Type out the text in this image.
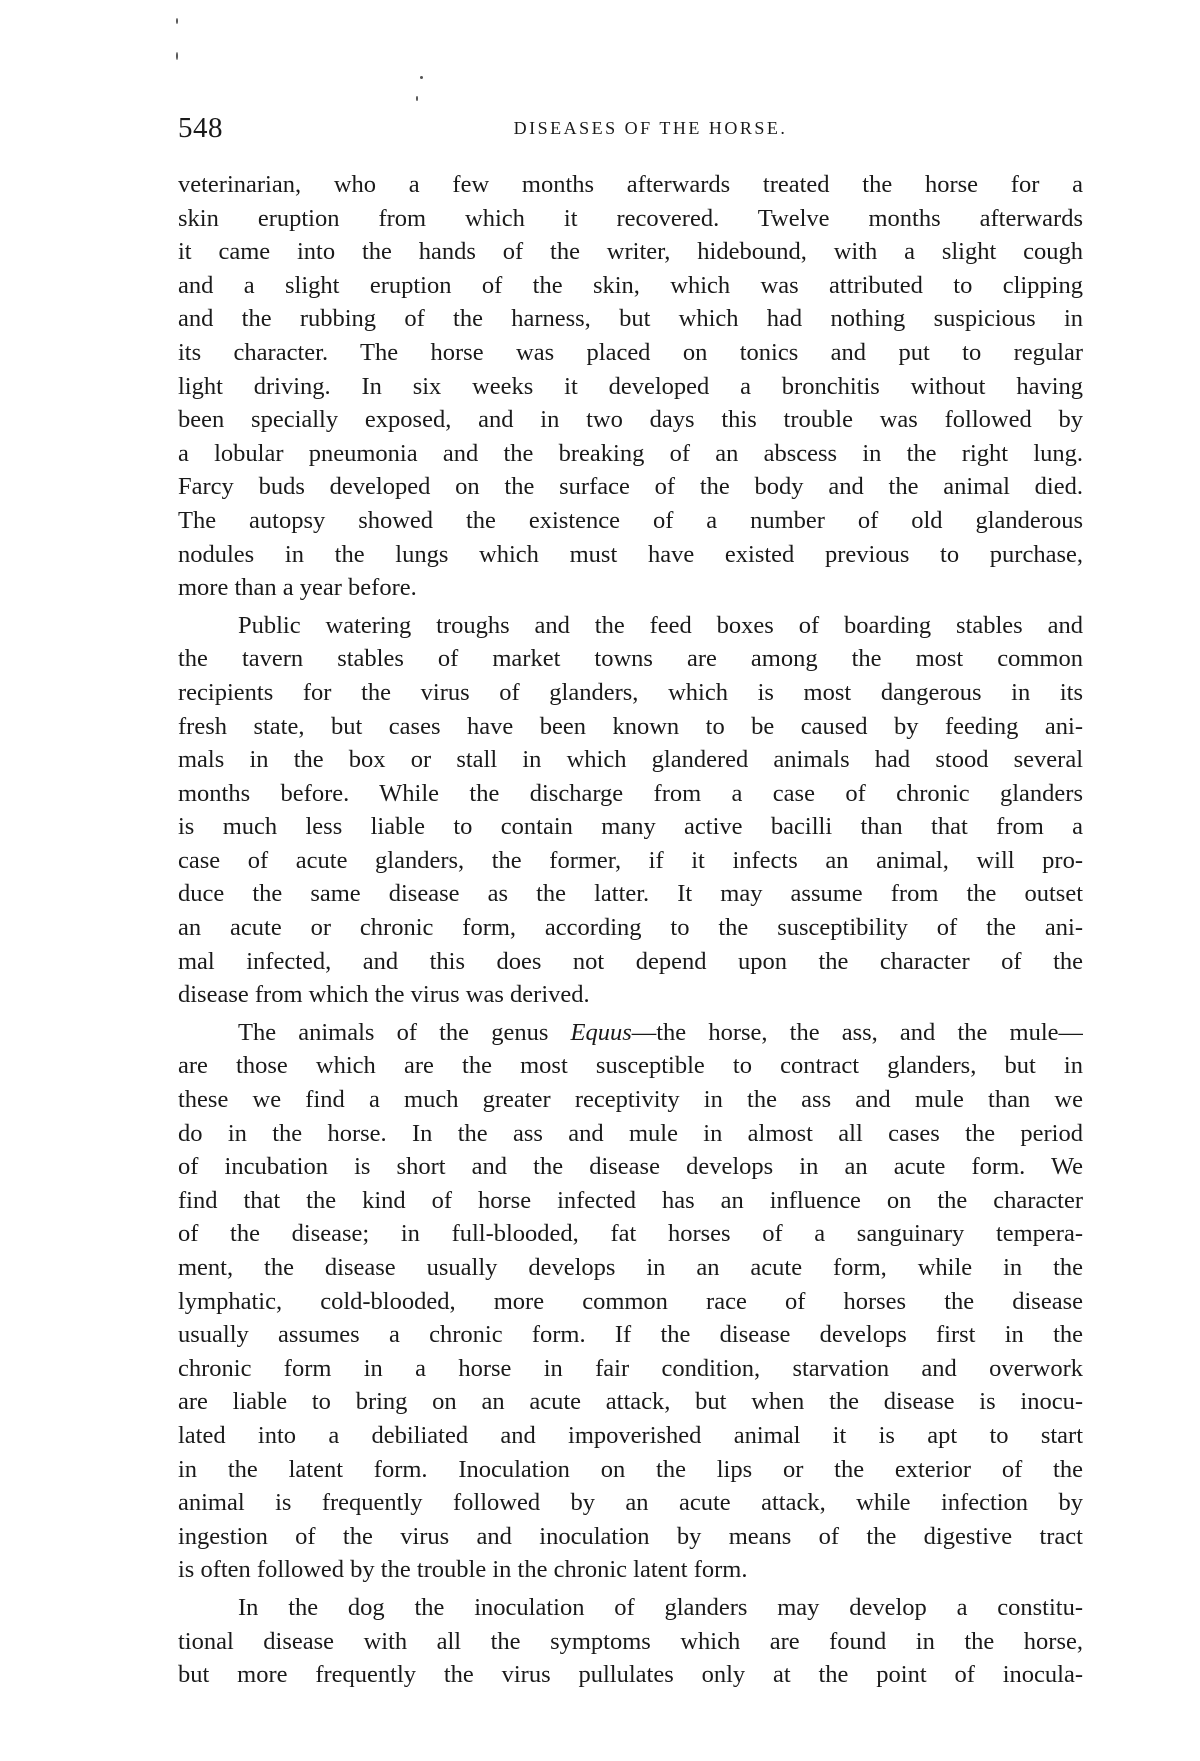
548	DISEASES OF THE HORSE.

veterinarian, who a few months afterwards treated the horse for a
skin eruption from which it recovered. Twelve months afterwards
it came into the hands of the writer, hidebound, with a slight cough
and a slight eruption of the skin, which was attributed to clipping
and the rubbing of the harness, but which had nothing suspicious in
its character. The horse was placed on tonics and put to regular
light driving. In six weeks it developed a bronchitis without having
been specially exposed, and in two days this trouble was followed by
a lobular pneumonia and the breaking of an abscess in the right lung.
Farcy buds developed on the surface of the body and the animal died.
The autopsy showed the existence of a number of old glanderous
nodules in the lungs which must have existed previous to purchase,
more than a year before.

Public watering troughs and the feed boxes of boarding stables and
the tavern stables of market towns are among the most common
recipients for the virus of glanders, which is most dangerous in its
fresh state, but cases have been known to be caused by feeding ani-
mals in the box or stall in which glandered animals had stood several
months before. While the discharge from a case of chronic glanders
is much less liable to contain many active bacilli than that from a
case of acute glanders, the former, if it infects an animal, will pro-
duce the same disease as the latter. It may assume from the outset
an acute or chronic form, according to the susceptibility of the ani-
mal infected, and this does not depend upon the character of the
disease from which the virus was derived.

The animals of the genus Equus—the horse, the ass, and the mule—
are those which are the most susceptible to contract glanders, but in
these we find a much greater receptivity in the ass and mule than we
do in the horse. In the ass and mule in almost all cases the period
of incubation is short and the disease develops in an acute form. We
find that the kind of horse infected has an influence on the character
of the disease; in full-blooded, fat horses of a sanguinary tempera-
ment, the disease usually develops in an acute form, while in the
lymphatic, cold-blooded, more common race of horses the disease
usually assumes a chronic form. If the disease develops first in the
chronic form in a horse in fair condition, starvation and overwork
are liable to bring on an acute attack, but when the disease is inocu-
lated into a debiliated and impoverished animal it is apt to start
in the latent form. Inoculation on the lips or the exterior of the
animal is frequently followed by an acute attack, while infection by
ingestion of the virus and inoculation by means of the digestive tract
is often followed by the trouble in the chronic latent form.

In the dog the inoculation of glanders may develop a constitu-
tional disease with all the symptoms which are found in the horse,
but more frequently the virus pullulates only at the point of inocula-
